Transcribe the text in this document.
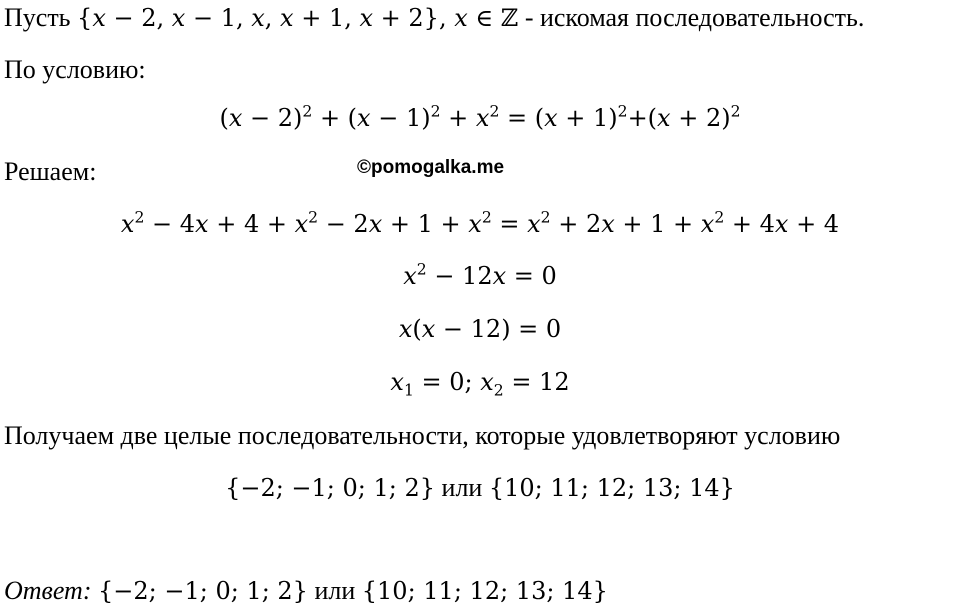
Пусть {x − 2, x − 1, x, x + 1, x + 2}, x ∈ ℤ - искомая последовательность.
По условию:
$(x - 2)^2 + (x - 1)^2 + x^2 = (x + 1)^2+(x + 2)^2$
©pomogalka.me
Решаем:
$x^2 - 4x + 4 + x^2 - 2x + 1 + x^2 = x^2 + 2x + 1 + x^2 + 4x + 4$
$x^2 - 12x = 0$
x(x − 12) = 0
$x_1 = 0$; $x_2 = 12$
Получаем две целые последовательности, которые удовлетворяют условию
{−2; −1; 0; 1; 2} или {10; 11; 12; 13; 14}
Ответ: {−2; −1; 0; 1; 2} или {10; 11; 12; 13; 14}
